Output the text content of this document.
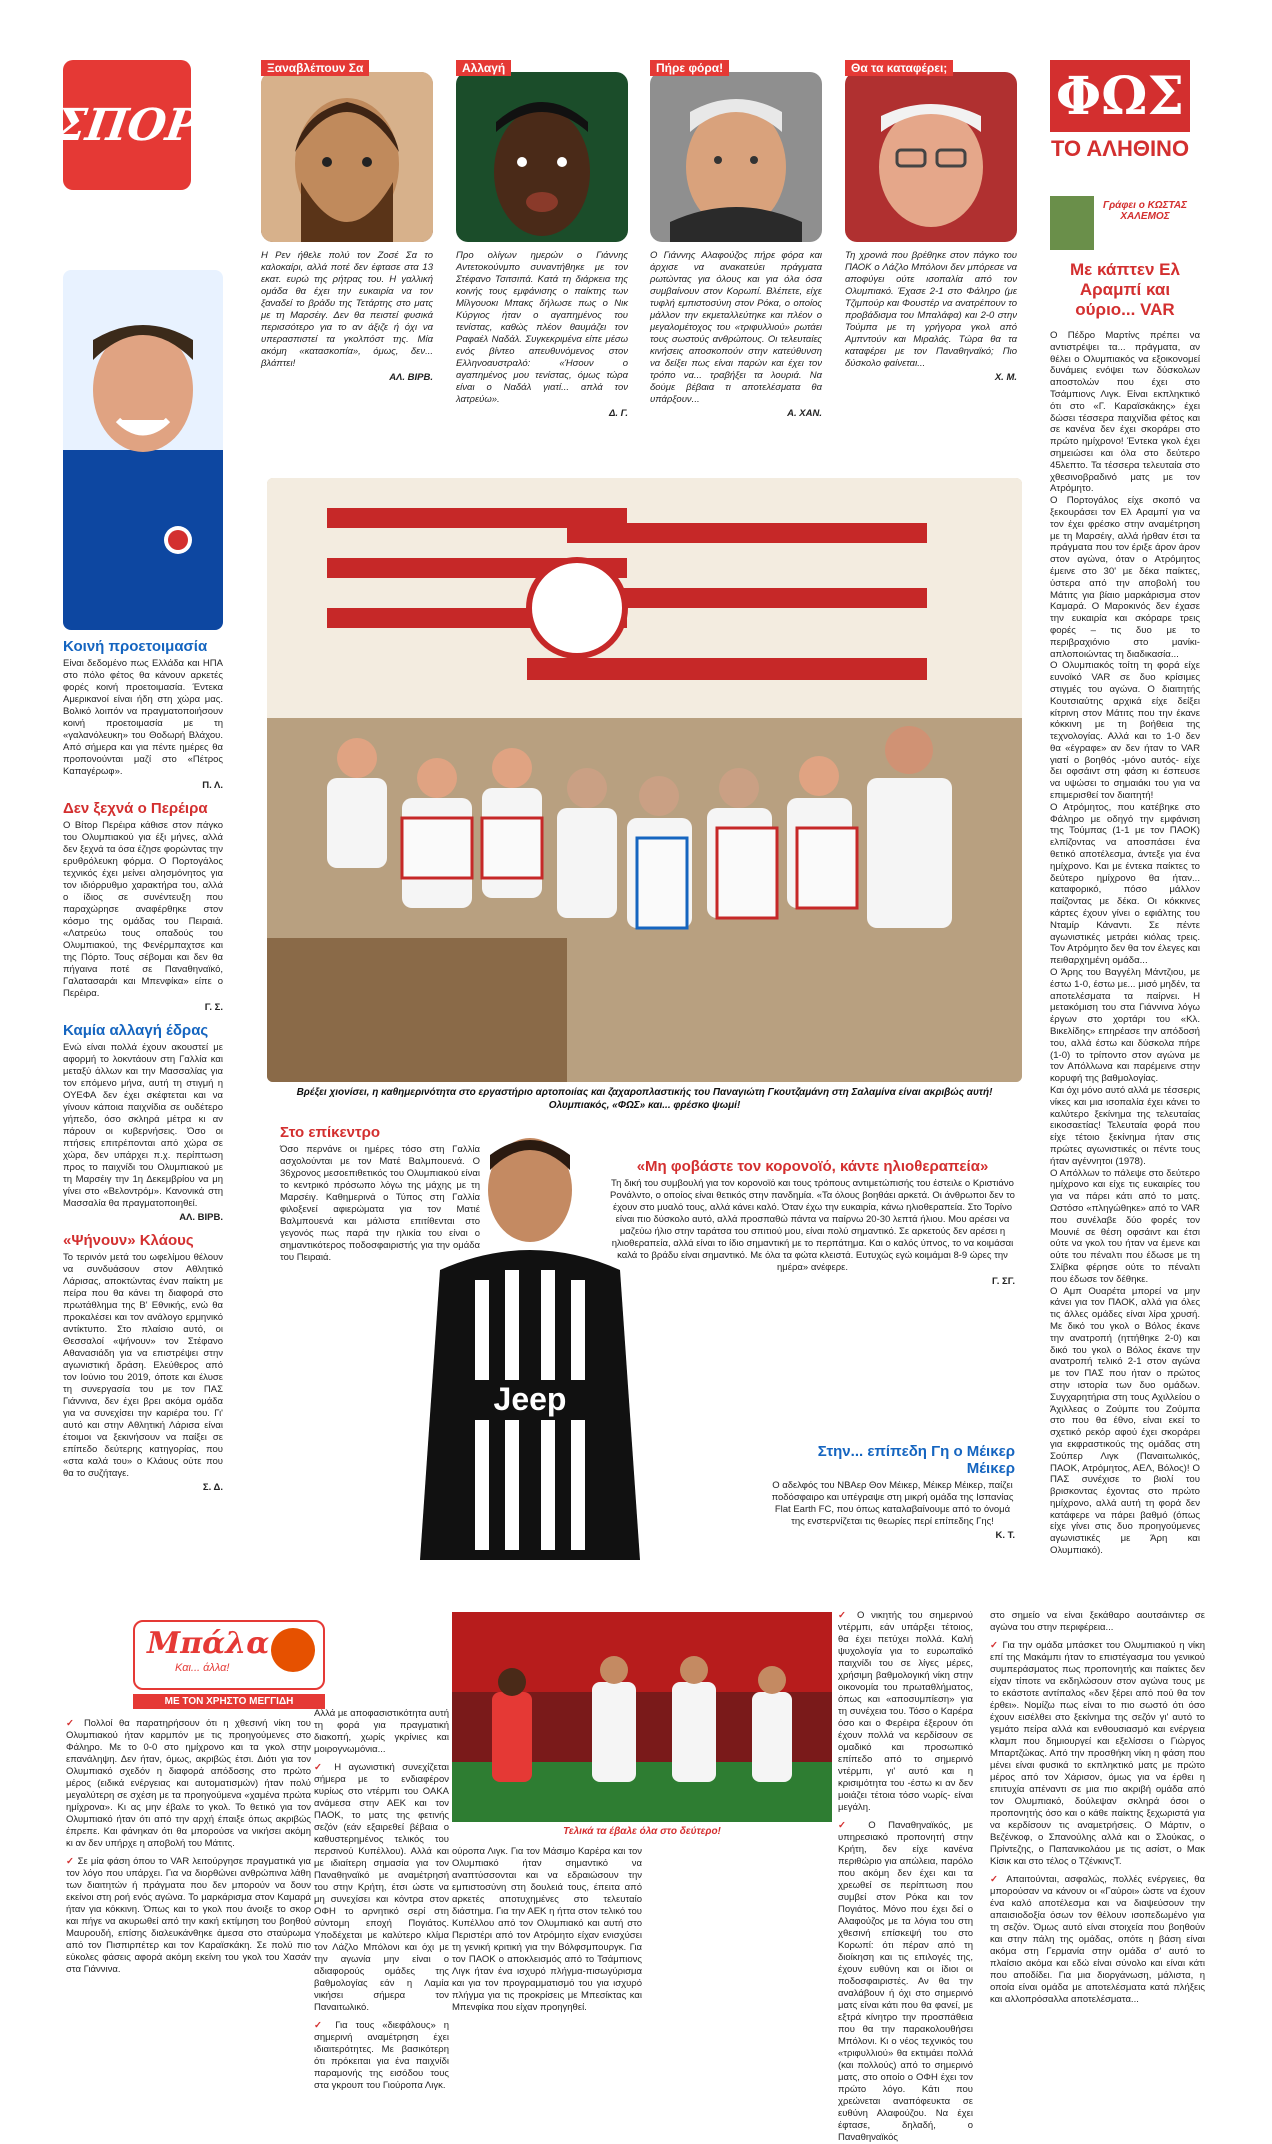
ΣΠΟΡ
Ξαναβλέπουν Σα	Αλλαγή	Πήρε φόρα!	Θα τα καταφέρει;
Η Ρεν ήθελε πολύ τον Ζοσέ Σα το καλοκαίρι, αλλά ποτέ δεν έφτασε στα 13 εκατ. ευρώ της ρήτρας του. Η γαλλική ομάδα θα έχει την ευκαιρία να τον ξαναδεί το βράδυ της Τετάρτης στο ματς με τη Μαρσέιγ. Δεν θα πειστεί φυσικά περισσότερο για το αν άξιζε ή όχι να υπερασπιστεί τα γκολπόστ της. Μία ακόμη «κατασκοπία», όμως, δεν... βλάπτει!
ΑΛ. ΒΙΡΒ.
Προ ολίγων ημερών ο Γιάννης Αντετοκούνμπο συναντήθηκε με τον Στέφανο Τσιτσιπά. Κατά τη διάρκεια της κοινής τους εμφάνισης ο παίκτης των Μίλγουοκι Μπακς δήλωσε πως ο Νικ Κύργιος ήταν ο αγαπημένος του τενίστας, καθώς πλέον θαυμάζει τον Ραφαέλ Ναδάλ. Συγκεκριμένα είπε μέσω ενός βίντεο απευθυνόμενος στον Ελληνοαυστραλό: «Ήσουν ο αγαπημένος μου τενίστας, όμως τώρα είναι ο Ναδάλ γιατί... απλά τον λατρεύω».
Δ. Γ.
Ο Γιάννης Αλαφούζος πήρε φόρα και άρχισε να ανακατεύει πράγματα ρωτώντας για όλους και για όλα όσα συμβαίνουν στον Κορωπί. Βλέπετε, είχε τυφλή εμπιστοσύνη στον Ρόκα, ο οποίος μάλλον την εκμεταλλεύτηκε και πλέον ο μεγαλομέτοχος του «τριφυλλιού» ρωτάει τους σωστούς ανθρώπους. Οι τελευταίες κινήσεις αποσκοπούν στην κατεύθυνση να δείξει πως είναι παρών και έχει τον τρόπο να... τραβήξει τα λουριά. Να δούμε βέβαια τι αποτελέσματα θα υπάρξουν...
Α. ΧΑΝ.
Τη χρονιά που βρέθηκε στον πάγκο του ΠΑΟΚ ο Λάζλο Μπόλονι δεν μπόρεσε να αποφύγει ούτε ισοπαλία από τον Ολυμπιακό. Έχασε 2-1 στο Φάληρο (με Τζιμπούρ και Φουστέρ να ανατρέπουν το προβάδισμα του Μπαλάφα) και 2-0 στην Τούμπα με τη γρήγορα γκολ από Αμπντούν και Μιραλάς. Τώρα θα τα καταφέρει με τον Παναθηναϊκό; Πιο δύσκολο φαίνεται...
Χ. Μ.
Κοινή προετοιμασία
Είναι δεδομένο πως Ελλάδα και ΗΠΑ στο πόλο φέτος θα κάνουν αρκετές φορές κοινή προετοιμασία. Έντεκα Αμερικανοί είναι ήδη στη χώρα μας. Βολικό λοιπόν να πραγματοποιήσουν κοινή προετοιμασία με τη «γαλανόλευκη» του Θοδωρή Βλάχου. Από σήμερα και για πέντε ημέρες θα προπονούνται μαζί στο «Πέτρος Καπαγέρωφ».
Π. Λ.
Δεν ξεχνά ο Περέιρα
Ο Βίτορ Περέιρα κάθισε στον πάγκο του Ολυμπιακού για έξι μήνες, αλλά δεν ξεχνά τα όσα έζησε φορώντας την ερυθρόλευκη φόρμα. Ο Πορτογάλος τεχνικός έχει μείνει αλησμόνητος για τον ιδιόρρυθμο χαρακτήρα του, αλλά ο ίδιος σε συνέντευξη που παραχώρησε αναφέρθηκε στον κόσμο της ομάδας του Πειραιά. «Λατρεύω τους οπαδούς του Ολυμπιακού, της Φενέρμπαχτσε και της Πόρτο. Τους σέβομαι και δεν θα πήγαινα ποτέ σε Παναθηναϊκό, Γαλατασαράι και Μπενφίκα» είπε ο Περέιρα.
Γ. Σ.
Καμία αλλαγή έδρας
Ενώ είναι πολλά έχουν ακουστεί με αφορμή το λοκντάουν στη Γαλλία και μεταξύ άλλων και την Μασσαλίας για τον επόμενο μήνα, αυτή τη στιγμή η ΟΥΕΦΑ δεν έχει σκέφτεται και να γίνουν κάποια παιχνίδια σε ουδέτερο γήπεδο, όσο σκληρά μέτρα κι αν πάρουν οι κυβερνήσεις. Όσο οι πτήσεις επιτρέπονται από χώρα σε χώρα, δεν υπάρχει π.χ. περίπτωση προς το παιχνίδι του Ολυμπιακού με τη Μαρσέιγ την 1η Δεκεμβρίου να μη γίνει στο «Βελοντρόμ». Κανονικά στη Μασσαλία θα πραγματοποιηθεί.
ΑΛ. ΒΙΡΒ.
«Ψήνουν» Κλάους
Το τερινόν μετά του ωφελίμου θέλουν να συνδυάσουν στον Αθλητικό Λάρισας, αποκτώντας έναν παίκτη με πείρα που θα κάνει τη διαφορά στο πρωτάθλημα της Β' Εθνικής, ενώ θα προκαλέσει και τον ανάλογο ερμηνικό αντίκτυπο. Στο πλαίσιο αυτό, οι Θεσσαλοί «ψήνουν» τον Στέφανο Αθανασιάδη για να επιστρέψει στην αγωνιστική δράση. Ελεύθερος από τον Ιούνιο του 2019, όποτε και έλυσε τη συνεργασία του με τον ΠΑΣ Γιάννινα, δεν έχει βρει ακόμα ομάδα για να συνεχίσει την καριέρα του. Γι' αυτό και στην Αθλητική Λάρισα είναι έτοιμοι να ξεκινήσουν να παίξει σε επίπεδο δεύτερης κατηγορίας, που «στα καλά του» ο Κλάους ούτε που θα το συζήταγε.
Σ. Δ.
ΦΩΣ
ΤΟ ΑΛΗΘΙΝΟ
Γράφει ο ΚΩΣΤΑΣ ΧΑΛΕΜΟΣ
Με κάπτεν Ελ Αραμπί και ούριο... VAR

Ο Πέδρο Μαρτίνς πρέπει να αντιστρέψει τα... πράγματα, αν θέλει ο Ολυμπιακός να εξοικονομεί δυνάμεις ενόψει των δύσκολων αποστολών που έχει στο Τσάμπιονς Λιγκ. Είναι εκπληκτικό ότι στο «Γ. Καραϊσκάκης» έχει δώσει τέσσερα παιχνίδια φέτος και σε κανένα δεν έχει σκοράρει στο πρώτο ημίχρονο! Έντεκα γκολ έχει σημειώσει και όλα στο δεύτερο 45λεπτο. Τα τέσσερα τελευταία στο χθεσινοβραδινό ματς με τον Ατρόμητο.

Ο Πορτογάλος είχε σκοπό να ξεκουράσει τον Ελ Αραμπί για να τον έχει φρέσκο στην αναμέτρηση με τη Μαρσέιγ, αλλά ήρθαν έτσι τα πράγματα που τον έριξε άρον άρον στον αγώνα, όταν ο Ατρόμητος έμεινε στο 30' με δέκα παίκτες, ύστερα από την αποβολή του Μάτιτς για βίαιο μαρκάρισμα στον Καμαρά. Ο Μαροκινός δεν έχασε την ευκαιρία και σκόραρε τρεις φορές – τις δυο με το περιβραχιόνιο στο μανίκι- απλοποιώντας τη διαδικασία...

Ο Ολυμπιακός τοίτη τη φορά είχε ευνοϊκό VAR σε δυο κρίσιμες στιγμές του αγώνα. Ο διαιτητής Κουτσιαύτης αρχικά είχε δείξει κίτρινη στον Μάτιτς που την έκανε κόκκινη με τη βοήθεια της τεχνολογίας. Αλλά και το 1-0 δεν θα «έγραφε» αν δεν ήταν το VAR γιατί ο βοηθός -μόνο αυτός- είχε δει οφσάιντ στη φάση κι έσπευσε να υψώσει το σημαιάκι του για να επιμερισθεί τον διαιτητή!

Ο Ατρόμητος, που κατέβηκε στο Φάληρο με οδηγό την εμφάνιση της Τούμπας (1-1 με τον ΠΑΟΚ) ελπίζοντας να αποσπάσει ένα θετικό αποτέλεσμα, άντεξε για ένα ημίχρονο. Και με έντεκα παίκτες το δεύτερο ημίχρονο θα ήταν... καταφορικό, πόσο μάλλον παίζοντας με δέκα. Οι κόκκινες κάρτες έχουν γίνει ο εφιάλτης του Νταμίρ Κάναντι. Σε πέντε αγωνιστικές μετράει κιόλας τρεις. Τον Ατρόμητο δεν θα τον έλεγες και πειθαρχημένη ομάδα...

Ο Άρης του Βαγγέλη Μάντζιου, με έστω 1-0, έστω με... μισό μηδέν, τα αποτελέσματα τα παίρνει. Η μετακόμιση του στα Γιάννινα λόγω έργων στο χορτάρι του «Κλ. Βικελίδης» επηρέασε την απόδοσή του, αλλά έστω και δύσκολα πήρε (1-0) το τρίποντο στον αγώνα με τον Απόλλωνα και παρέμεινε στην κορυφή της βαθμολογίας.

Και όχι μόνο αυτό αλλά με τέσσερις νίκες και μια ισοπαλία έχει κάνει το καλύτερο ξεκίνημα της τελευταίας εικοσαετίας! Τελευταία φορά που είχε τέτοιο ξεκίνημα ήταν στις πρώτες αγωνιστικές οι πέντε τους ήταν αγέννητοι (1978).

Ο Απόλλων το πάλεψε στο δεύτερο ημίχρονο και είχε τις ευκαιρίες του για να πάρει κάτι από το ματς. Ωστόσο «πληγώθηκε» από το VAR που συνέλαβε δύο φορές τον Μουνιέ σε θέση οφσάιντ και έτσι ούτε να γκολ του ήταν να έμενε και ούτε του πέναλτι που έδωσε με τη Σλίβκα φέρησε ούτε το πέναλτι που έδωσε τον δέθηκε.

Ο Αμπ Ουαρέτα μπορεί να μην κάνει για τον ΠΑΟΚ, αλλά για όλες τις άλλες ομάδες είναι λίρα χρυσή. Με δικό του γκολ ο Βόλος έκανε την ανατροπή (ηττήθηκε 2-0) και δικό του γκολ ο Βόλος έκανε την ανατροπή τελικό 2-1 στον αγώνα με τον ΠΑΣ που ήταν ο πρώτος στην ιστορία των δυο ομάδων. Συγχαρητήρια στη τους Αχιλλείου ο Άχιλλεας ο Ζούμπε του Ζούμπα στο που θα έθνο, είναι εκεί το σχετικό ρεκόρ αφού έχει σκοράρει για εκφραστικούς της ομάδας στη Σούπερ Λιγκ (Παναιτωλικός, ΠΑΟΚ, Ατρόμητος, ΑΕΛ, Βόλος)! Ο ΠΑΣ συνέχισε το βιολί του βρισκοντας έχοντας στο πρώτο ημίχρονο, αλλά αυτή τη φορά δεν κατάφερε να πάρει βαθμό (όπως είχε γίνει στις δυο προηγούμενες αγωνιστικές με Άρη και Ολυμπιακό).

Βρέξει χιονίσει, η καθημερινότητα στο εργαστήριο αρτοποιίας και ζαχαροπλαστικής του Παναγιώτη Γκουτζαμάνη στη Σαλαμίνα είναι ακριβώς αυτή! Ολυμπιακός, «ΦΩΣ» και... φρέσκο ψωμί!
Στο επίκεντρο
Όσο περνάνε οι ημέρες τόσο στη Γαλλία ασχολούνται με τον Ματέ Βαλμπουενά. Ο 36χρονος μεσοεπιθετικός του Ολυμπιακού είναι το κεντρικό πρόσωπο λόγω της μάχης με τη Μαρσέιγ. Καθημερινά ο Τύπος στη Γαλλία φιλοξενεί αφιερώματα για τον Ματιέ Βαλμπουενά και μάλιστα επιτίθενται στο γεγονός πως παρά την ηλικία του είναι ο σημαντικότερος ποδοσφαιριστής για την ομάδα του Πειραιά.
Jeep
«Μη φοβάστε τον κορονοϊό, κάντε ηλιοθεραπεία»
Τη δική του συμβουλή για τον κορονοϊό και τους τρόπους αντιμετώπισής του έστειλε ο Κριστιάνο Ρονάλντο, ο οποίος είναι θετικός στην πανδημία. «Τα όλους βοηθάει αρκετά. Οι άνθρωποι δεν το έχουν στο μυαλό τους, αλλά κάνει καλό. Όταν έχω την ευκαιρία, κάνω ηλιοθεραπεία. Στο Τορίνο είναι πιο δύσκολο αυτό, αλλά προσπαθώ πάντα να παίρνω 20-30 λεπτά ήλιου. Μου αρέσει να μαζεύω ήλιο στην ταράτσα του σπιτιού μου, είναι πολύ σημαντικό. Σε αρκετούς δεν αρέσει η ηλιοθεραπεία, αλλά είναι το ίδιο σημαντική με το περπάτημα. Και ο καλός ύπνος, το να κοιμάσαι καλά το βράδυ είναι σημαντικό. Με όλα τα φώτα κλειστά. Ευτυχώς εγώ κοιμάμαι 8-9 ώρες την ημέρα» ανέφερε.
Γ. ΣΓ.
Στην... επίπεδη Γη ο Μέικερ Μέικερ
Ο αδελφός του ΝΒΑερ Θον Μέικερ, Μέικερ Μέικερ, παίζει ποδόσφαιρο και υπέγραψε στη μικρή ομάδα της Ισπανίας Flat Earth FC, που όπως καταλαβαίνουμε από το όνομά της ενστερνίζεται τις θεωρίες περί επίπεδης Γης!
Κ. Τ.
Μπάλα
Και... άλλα!
ΜΕ ΤΟΝ ΧΡΗΣΤΟ ΜΕΓΓΙΔΗ
Τελικά τα έβαλε όλα στο δεύτερο!

✓ Πολλοί θα παρατηρήσουν ότι η χθεσινή νίκη του Ολυμπιακού ήταν καρμπόν με τις προηγούμενες στο Φάληρο. Με το 0-0 στο ημίχρονο και τα γκολ στην επανάληψη. Δεν ήταν, όμως, ακριβώς έτσι. Διότι για τον Ολυμπιακό σχεδόν η διαφορά απόδοσης στο πρώτο μέρος (ειδικά ενέργειας και αυτοματισμών) ήταν πολύ μεγαλύτερη σε σχέση με τα προηγούμενα «χαμένα πρώτα ημίχρονα». Κι ας μην έβαλε το γκολ. Το θετικό για τον Ολυμπιακό ήταν ότι από την αρχή έπαιξε όπως ακριβώς έπρεπε. Και φάνηκαν ότι θα μπορούσε να νικήσει ακόμη κι αν δεν υπήρχε η αποβολή του Μάτιτς.

✓ Σε μία φάση όπου το VAR λειτούργησε πραγματικά για τον λόγο που υπάρχει. Για να διορθώνει ανθρώπινα λάθη των διαιτητών ή πράγματα που δεν μπορούν να δουν εκείνοι στη ροή ενός αγώνα. Το μαρκάρισμα στον Καμαρά ήταν για κόκκινη. Όπως και το γκολ που άνοιξε το σκορ και πήγε να ακυρωθεί από την κακή εκτίμηση του βοηθού Μαυρουδή, επίσης διαλευκάνθηκε άμεσα στο σταύρωμα από τον Πισπιρπέτερ και τον Καραϊσκάκη. Σε πολύ πιο εύκολες φάσεις αφορά ακόμη εκείνη του γκολ του Χασάν στα Γιάννινα.

Αλλά με αποφασιστικότητα αυτή τη φορά για πραγματική διακοπή, χωρίς γκρίνιες και μοιρογνωμόνια...

✓ Η αγωνιστική συνεχίζεται σήμερα με το ενδιαφέρον κυρίως στο ντέρμπι του ΟΑΚΑ ανάμεσα στην ΑΕΚ και τον ΠΑΟΚ, το ματς της φετινής σεζόν (εάν εξαιρεθεί βέβαια ο καθυστερημένος τελικός του περσινού Κυπέλλου). Αλλά και με ιδιαίτερη σημασία για τον Παναθηναϊκό με αναμέτρησή του στην Κρήτη, έτσι ώστε να μη συνεχίσει και κόντρα στον ΟΦΗ το αρνητικό σερί στη σύντομη εποχή Πογιάτος. Υποδέχεται με καλύτερο κλίμα τον Λάζλο Μπόλονι και όχι με την αγωνία μην είναι ο αδιαφορούς ομάδες της βαθμολογίας εάν η Λαμία νικήσει σήμερα τον Παναιτωλικό.

✓ Για τους «διεφάλους» η σημερινή αναμέτρηση έχει ιδιαιτερότητες. Με βασικότερη ότι πρόκειται για ένα παιχνίδι παραμονής της εισόδου τους στα γκρουπ του Γιούροπα Λιγκ.

ούροπα Λιγκ. Για τον Μάσιμο Καρέρα και τον Ολυμπιακό ήταν σημαντικό να αναπτύσσονται και να εδραιώσουν την εμπιστοσύνη στη δουλειά τους, έπειτα από αρκετές αποτυχημένες στο τελευταίο διάστημα. Για την ΑΕΚ η ήττα στον τελικό του Κυπέλλου από τον Ολυμπιακό και αυτή στο Περιστέρι από τον Ατρόμητο είχαν ενισχύσει τη γενική κριτική για την Βόλφσμπουργκ. Για τον ΠΑΟΚ ο αποκλεισμός από το Τσάμπιονς Λιγκ ήταν ένα ισχυρό πλήγμα-πισωγύρισμα και για τον προγραμματισμό του για ισχυρό πλήγμα για τις προκρίσεις με Μπεσίκτας και Μπενφίκα που είχαν προηγηθεί.

✓ Ο νικητής του σημερινού ντέρμπι, εάν υπάρξει τέτοιος, θα έχει πετύχει πολλά. Καλή ψυχολογία για το ευρωπαϊκό παιχνίδι του σε λίγες μέρες, χρήσιμη βαθμολογική νίκη στην οικονομία του πρωταθλήματος, όπως και «αποσυμπίεση» για τη συνέχεια του. Τόσο ο Καρέρα όσο και ο Φερέιρα έξερουν ότι έχουν πολλά να κερδίσουν σε ομαδικό και προσωπικό επίπεδο από το σημερινό ντέρμπι, γι' αυτό και η κρισιμότητα του -έστω κι αν δεν μοιάζει τέτοια τόσο νωρίς- είναι μεγάλη.

✓ Ο Παναθηναϊκός, με υπηρεσιακό προπονητή στην Κρήτη, δεν είχε κανένα περιθώριο για απώλεια, παρόλο που ακόμη δεν έχει και τα χρεωθεί σε περίπτωση που συμβεί στον Ρόκα και τον Πογιάτος. Μόνο που έχει δεί ο Αλαφούζος με τα λόγια του στη χθεσινή επίσκεψή του στο Κορωπί: ότι πέραν από τη διοίκηση και τις επιλογές της, έχουν ευθύνη και οι ίδιοι οι ποδοσφαιριστές. Αν θα την αναλάβουν ή όχι στο σημερινό ματς είναι κάτι που θα φανεί, με εξτρά κίνητρο την προσπάθεια που θα την παρακολουθήσει Μπόλονι. Κι ο νέος τεχνικός του «τριφυλλιού» θα εκτιμάει πολλά (και πολλούς) από το σημερινό ματς, στο οποίο ο ΟΦΗ έχει τον πρώτο λόγο. Κάτι που χρεώνεται αναπόφευκτα σε ευθύνη Αλαφούζου. Να έχει έφτασε, δηλαδή, ο Παναθηναϊκός

στο σημείο να είναι ξεκάθαρο αουτσάιντερ σε αγώνα του στην περιφέρεια...

✓ Για την ομάδα μπάσκετ του Ολυμπιακού η νίκη επί της Μακάμπι ήταν το επιστέγασμα του γενικού συμπεράσματος πως προπονητής και παίκτες δεν είχαν τίποτε να εκδηλώσουν στον αγώνα τους με το εκάστοτε αντίπαλος «δεν ξέρει από πού θα τον έρθει». Νομίζω πως είναι το πιο σωστό ότι όσο έχουν εισέλθει στο ξεκίνημα της σεζόν γι' αυτό το γεμάτο πείρα αλλά και ενθουσιασμό και ενέργεια κλαμπ που δημιουργεί και εξελίσσει ο Γιώργος Μπαρτζώκας. Από την προσθήκη νίκη η φάση που μένει είναι φυσικά το εκπληκτικό ματς με πρώτο μέρος από τον Χάρισον, όμως για να έρθει η επιτυχία απέναντι σε μια πιο ακριβή ομάδα από τον Ολυμπιακό, δούλεψαν σκληρά όσοι ο προπονητής όσο και ο κάθε παίκτης ξεχωριστά για να κερδίσουν τις αναμετρήσεις. Ο Μάρτιν, ο Βεζένκοφ, ο Σπανούλης αλλά και ο Σλούκας, ο Πρίντεζης, ο Παπανικολάου με τις ασίστ, ο Μακ Κίσικ και στο τέλος ο ΤζένκινςT.

✓ Απαιτούνται, ασφαλώς, πολλές ενέργειες, θα μπορούσαν να κάνουν οι «Γαύροι» ώστε να έχουν ένα καλό αποτέλεσμα και να διαψεύσουν την απαισιοδοξία όσων τον θέλουν ισοπεδωμένο για τη σεζόν. Όμως αυτό είναι στοιχεία που βοηθούν και στην πάλη της ομάδας, οπότε η βάση είναι ακόμα στη Γερμανία στην ομάδα σ' αυτό το πλαίσιο ακόμα και εδώ είναι σύνολο και είναι κάτι που αποδίδει. Για μια διοργάνωση, μάλιστα, η οποία είναι ομάδα με αποτελέσματα κατά πλήξεις και αλλοπρόσαλλα αποτελέσματα...
